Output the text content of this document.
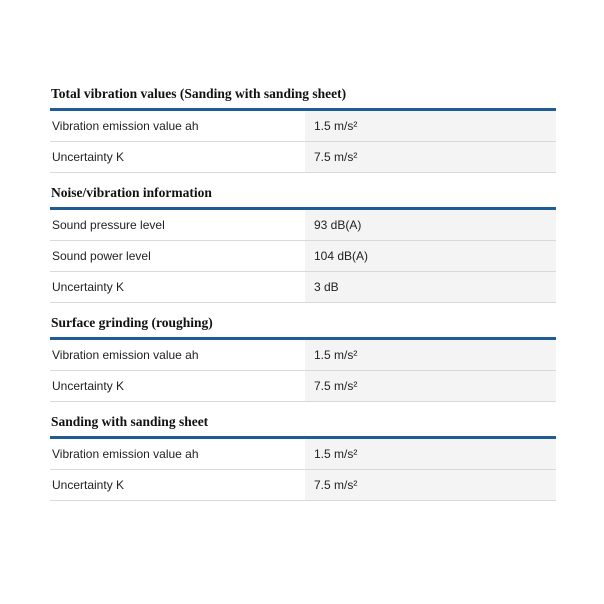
Total vibration values (Sanding with sanding sheet)
Vibration emission value ah	1.5 m/s²
Uncertainty K	7.5 m/s²
Noise/vibration information
Sound pressure level	93 dB(A)
Sound power level	104 dB(A)
Uncertainty K	3 dB
Surface grinding (roughing)
Vibration emission value ah	1.5 m/s²
Uncertainty K	7.5 m/s²
Sanding with sanding sheet
Vibration emission value ah	1.5 m/s²
Uncertainty K	7.5 m/s²
